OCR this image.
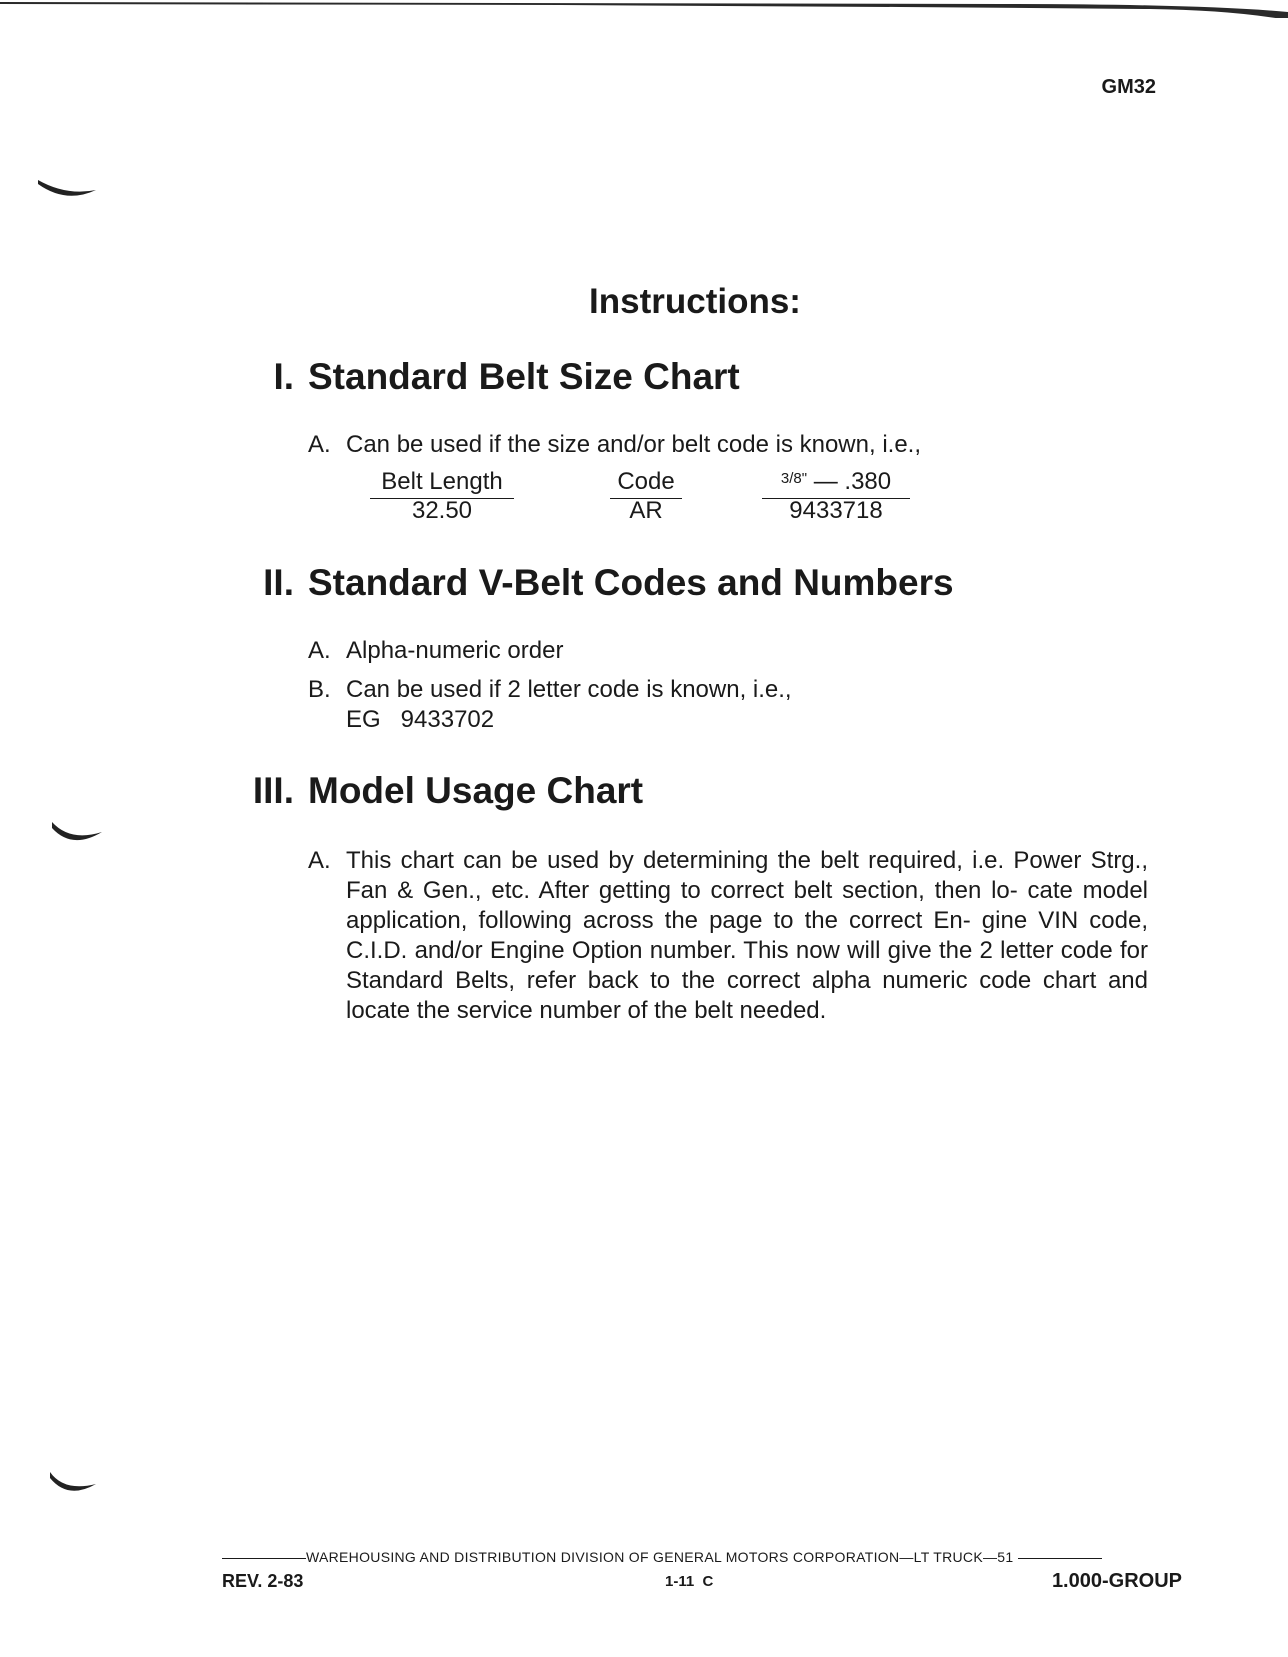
GM32
Instructions:
I. Standard Belt Size Chart
A. Can be used if the size and/or belt code is known, i.e.,
Belt Length
32.50
Code
AR
$^{3/8"}$ — .380
9433718
II. Standard V-Belt Codes and Numbers
A. Alpha-numeric order
B. Can be used if 2 letter code is known, i.e.,
EG   9433702
III. Model Usage Chart
A. This chart can be used by determining the belt required, i.e. Power Strg., Fan & Gen., etc. After getting to correct belt section, then lo- cate model application, following across the page to the correct En- gine VIN code, C.I.D. and/or Engine Option number. This now will give the 2 letter code for Standard Belts, refer back to the correct alpha numeric code chart and locate the service number of the belt needed.
WAREHOUSING AND DISTRIBUTION DIVISION OF GENERAL MOTORS CORPORATION—LT TRUCK—51
REV. 2-83	1-11  C	1.000-GROUP
